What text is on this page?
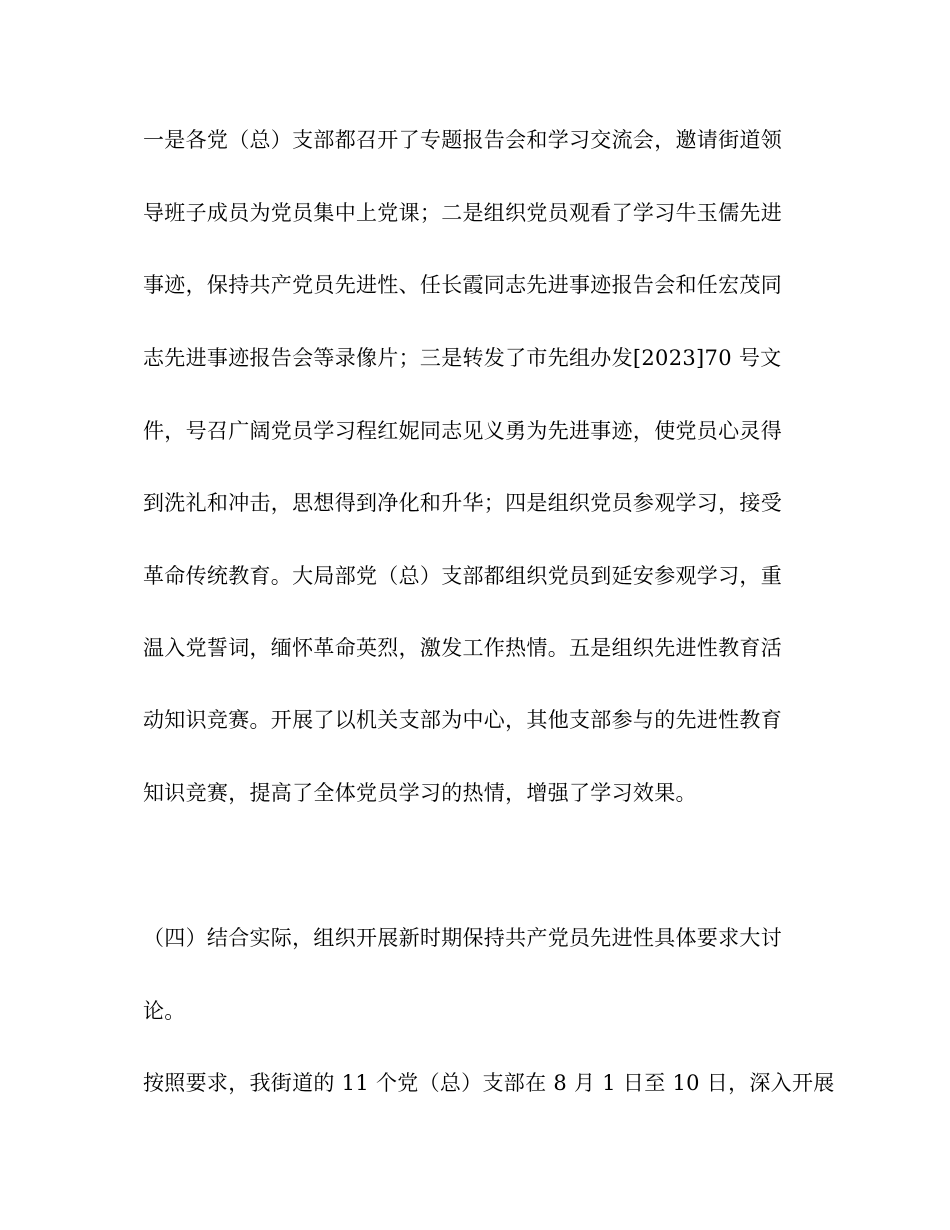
一是各党（总）支部都召开了专题报告会和学习交流会，邀请街道领
导班子成员为党员集中上党课；二是组织党员观看了学习牛玉儒先进
事迹，保持共产党员先进性、任长霞同志先进事迹报告会和任宏茂同
志先进事迹报告会等录像片；三是转发了市先组办发[2023]70 号文
件，号召广阔党员学习程红妮同志见义勇为先进事迹，使党员心灵得
到洗礼和冲击，思想得到净化和升华；四是组织党员参观学习，接受
革命传统教育。大局部党（总）支部都组织党员到延安参观学习，重
温入党誓词，缅怀革命英烈，激发工作热情。五是组织先进性教育活
动知识竞赛。开展了以机关支部为中心，其他支部参与的先进性教育
知识竞赛，提高了全体党员学习的热情，增强了学习效果。
（四）结合实际，组织开展新时期保持共产党员先进性具体要求大讨
论。
按照要求，我街道的 11 个党（总）支部在 8 月 1 日至 10 日，深入开展
